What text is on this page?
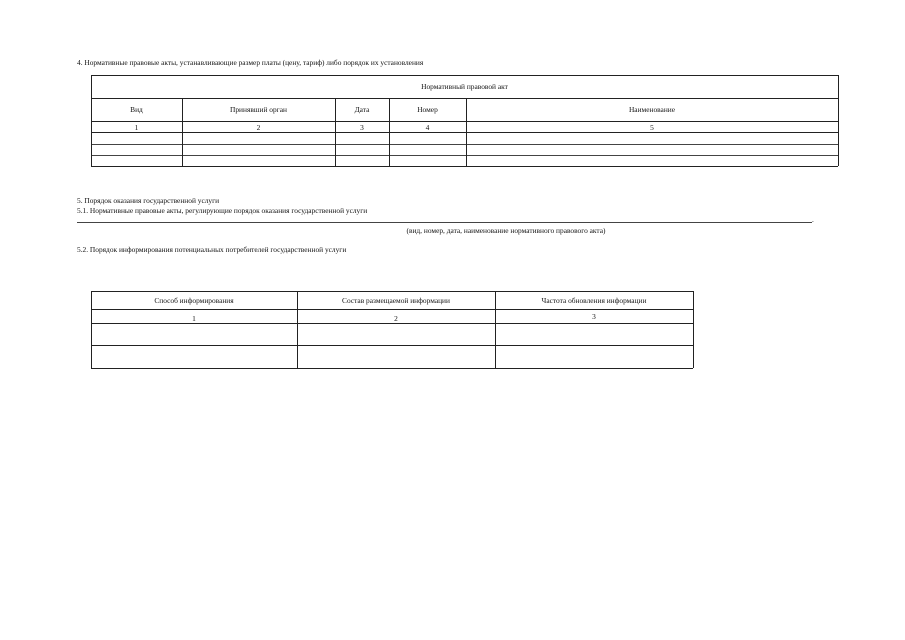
4. Нормативные правовые акты, устанавливающие размер платы (цену, тариф) либо порядок их установления
Нормативный правовой акт
Вид	Принявший орган	Дата	Номер	Наименование
1	2	3	4	5
5. Порядок оказания государственной услуги
5.1. Нормативные правовые акты, регулирующие порядок оказания государственной услуги
.
(вид, номер, дата, наименование нормативного правового акта)
5.2. Порядок информирования потенциальных потребителей государственной услуги
Способ информирования	Состав размещаемой информации	Частота обновления информации
1	2	3
